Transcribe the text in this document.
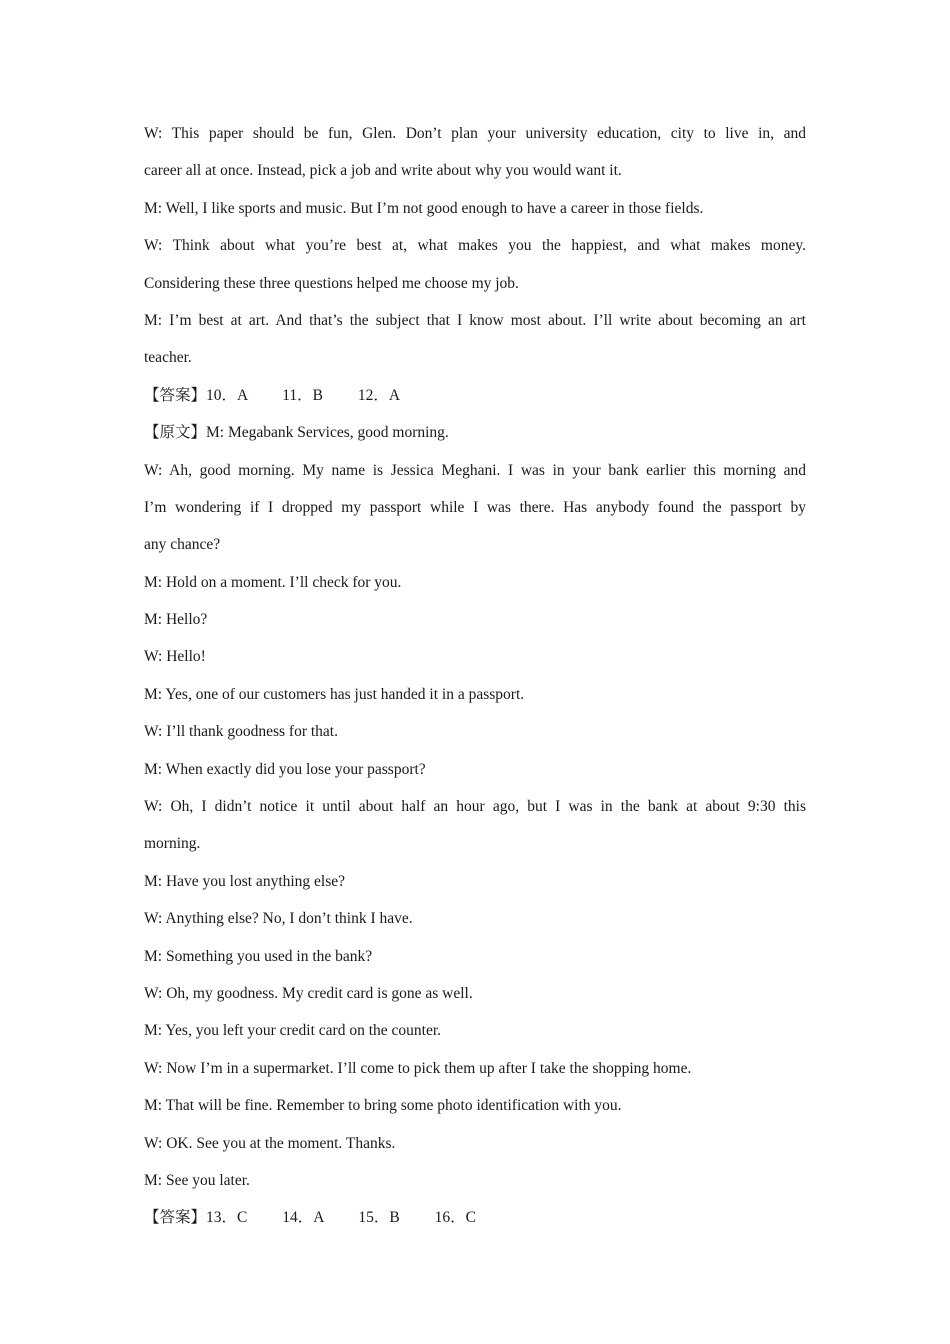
W: This paper should be fun, Glen. Don’t plan your university education, city to live in, and
career all at once. Instead, pick a job and write about why you would want it.
M: Well, I like sports and music. But I’m not good enough to have a career in those fields.
W: Think about what you’re best at, what makes you the happiest, and what makes money.
Considering these three questions helped me choose my job.
M: I’m best at art. And that’s the subject that I know most about. I’ll write about becoming an art
teacher.
【答案】10．A　　 11．B　　 12．A
【原文】M: Megabank Services, good morning.
W: Ah, good morning. My name is Jessica Meghani. I was in your bank earlier this morning and
I’m wondering if I dropped my passport while I was there. Has anybody found the passport by
any chance?
M: Hold on a moment. I’ll check for you.
M: Hello?
W: Hello!
M: Yes, one of our customers has just handed it in a passport.
W: I’ll thank goodness for that.
M: When exactly did you lose your passport?
W: Oh, I didn’t notice it until about half an hour ago, but I was in the bank at about 9:30 this
morning.
M: Have you lost anything else?
W: Anything else? No, I don’t think I have.
M: Something you used in the bank?
W: Oh, my goodness. My credit card is gone as well.
M: Yes, you left your credit card on the counter.
W: Now I’m in a supermarket. I’ll come to pick them up after I take the shopping home.
M: That will be fine. Remember to bring some photo identification with you.
W: OK. See you at the moment. Thanks.
M: See you later.
【答案】13．C　　 14．A　　 15．B　　 16．C
